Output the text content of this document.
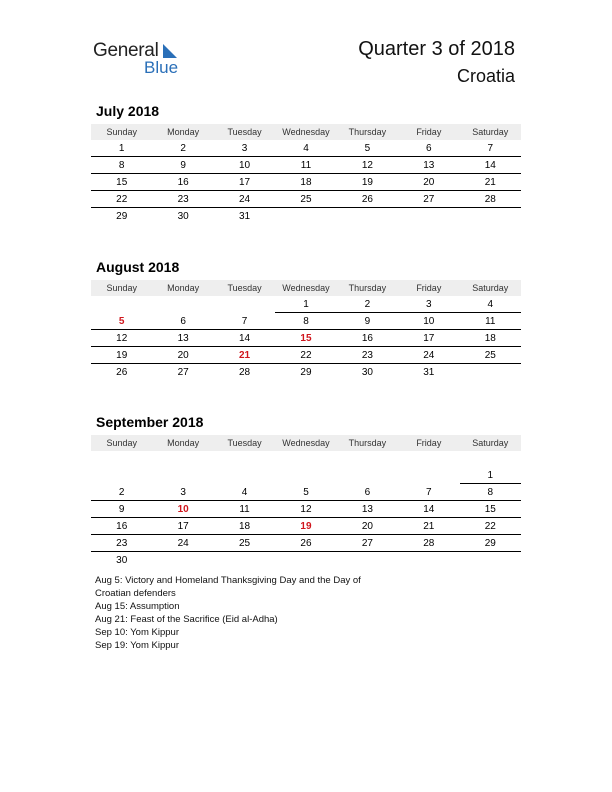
General
Blue
Quarter 3 of 2018
Croatia
July 2018
Sunday	Monday	Tuesday	Wednesday	Thursday	Friday	Saturday
1	2	3	4	5	6	7
8	9	10	11	12	13	14
15	16	17	18	19	20	21
22	23	24	25	26	27	28
29	30	31				
August 2018
Sunday	Monday	Tuesday	Wednesday	Thursday	Friday	Saturday
			1	2	3	4
5	6	7	8	9	10	11
12	13	14	15	16	17	18
19	20	21	22	23	24	25
26	27	28	29	30	31	
September 2018
Sunday	Monday	Tuesday	Wednesday	Thursday	Friday	Saturday

						1
2	3	4	5	6	7	8
9	10	11	12	13	14	15
16	17	18	19	20	21	22
23	24	25	26	27	28	29
30						
Aug 5: Victory and Homeland Thanksgiving Day and the Day of
Croatian defenders
Aug 15: Assumption
Aug 21: Feast of the Sacrifice (Eid al-Adha)
Sep 10: Yom Kippur
Sep 19: Yom Kippur
